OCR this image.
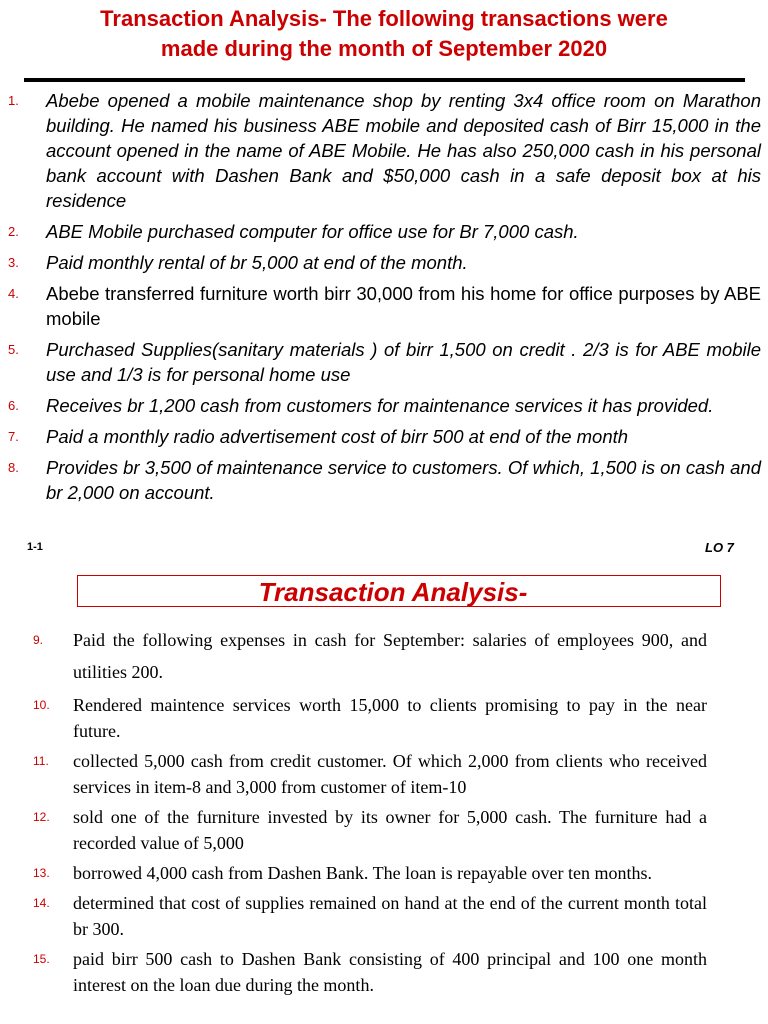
Transaction Analysis- The following transactions were
made during the month of September 2020
1.	Abebe opened a mobile maintenance shop by renting 3x4 office room on Marathon building. He named his business ABE mobile and deposited cash of Birr 15,000 in the account opened in the name of ABE Mobile. He has also 250,000 cash in his personal bank account with Dashen Bank and $50,000 cash in a safe deposit box at his residence
2.	ABE Mobile purchased computer for office use for Br 7,000 cash.
3.	Paid monthly rental of br 5,000 at end of the month.
4.	Abebe transferred furniture worth birr 30,000 from his home for office purposes by ABE mobile
5.	Purchased Supplies(sanitary materials ) of birr 1,500 on credit . 2/3 is for ABE mobile use and 1/3 is for personal home use
6.	Receives br 1,200 cash from customers for maintenance services it has provided.
7.	Paid a monthly radio advertisement cost of birr 500 at end of the month
8.	Provides br 3,500 of maintenance service to customers. Of which, 1,500 is on cash and br 2,000 on account.
1-1	LO 7
Transaction Analysis-
9.	Paid the following expenses in cash for September: salaries of employees 900, and utilities 200.
10.	Rendered maintence services worth 15,000 to clients promising to pay in the near future.
11.	collected 5,000 cash from credit customer. Of which 2,000 from clients who received services in item-8 and 3,000 from customer of item-10
12.	sold one of the furniture invested by its owner for 5,000 cash. The furniture had a recorded value of 5,000
13.	borrowed 4,000 cash from Dashen Bank. The loan is repayable over ten months.
14.	determined that cost of supplies remained on hand at the end of the current month total br 300.
15.	paid birr 500 cash to Dashen Bank consisting of 400 principal and 100 one month interest on the loan due during the month.
